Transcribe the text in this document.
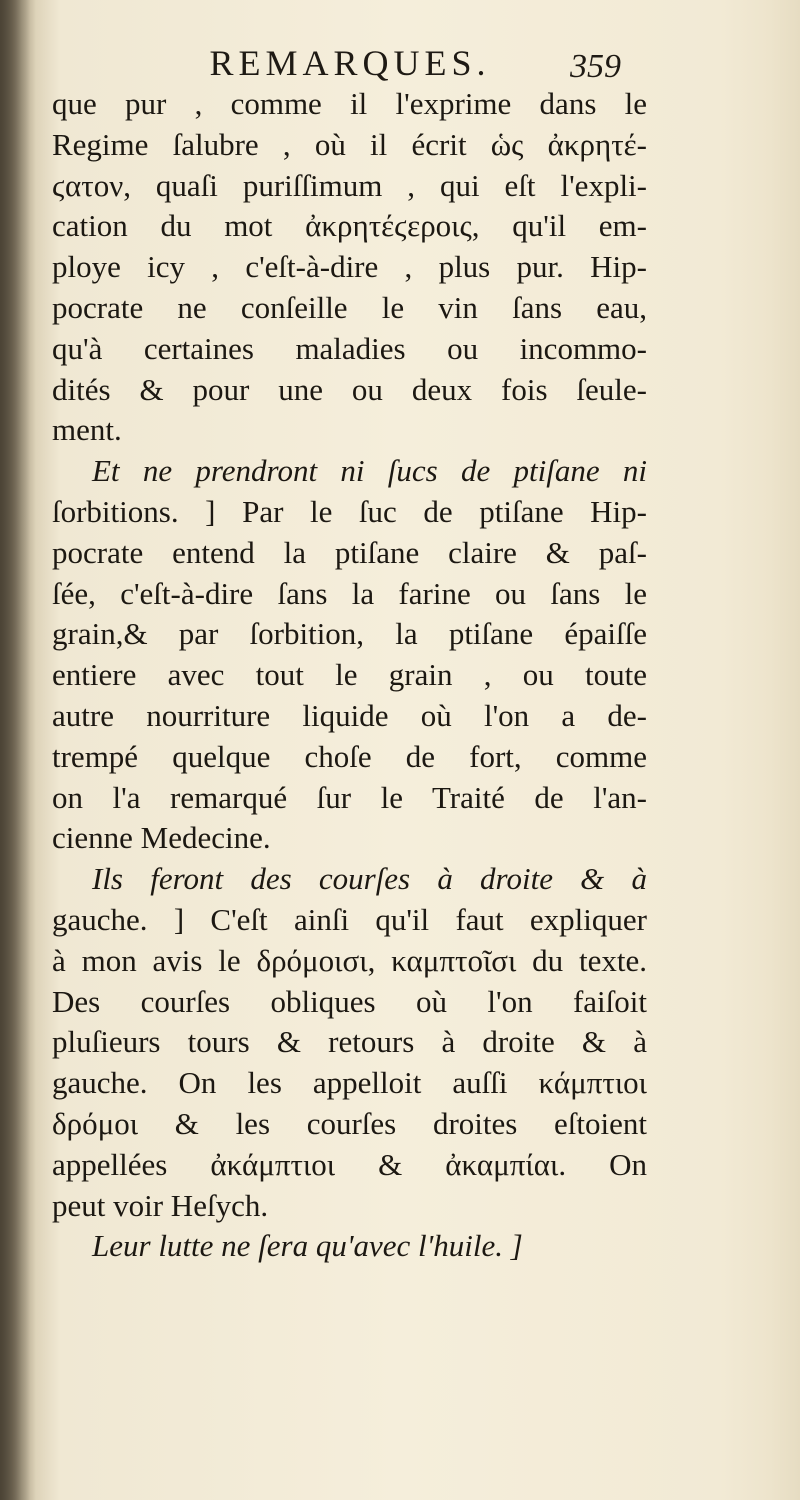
REMARQUES. 359
que pur , comme il l'exprime dans le
Regime ſalubre , où il écrit ὡς ἀκρητέ-
ϛατον, quaſi puriſſimum , qui eſt l'expli-
cation du mot ἀκρητέϛεροις, qu'il em-
ploye icy , c'eſt-à-dire , plus pur. Hip-
pocrate ne conſeille le vin ſans eau,
qu'à certaines maladies ou incommo-
dités & pour une ou deux fois ſeule-
ment.
Et ne prendront ni ſucs de ptiſane ni
ſorbitions. ] Par le ſuc de ptiſane Hip-
pocrate entend la ptiſane claire & paſ-
ſée, c'eſt-à-dire ſans la farine ou ſans le
grain,& par ſorbition, la ptiſane épaiſſe
entiere avec tout le grain , ou toute
autre nourriture liquide où l'on a de-
trempé quelque choſe de fort, comme
on l'a remarqué ſur le Traité de l'an-
cienne Medecine.
Ils feront des courſes à droite & à
gauche. ] C'eſt ainſi qu'il faut expliquer
à mon avis le δρόμοισι, καμπτοῖσι du texte.
Des courſes obliques où l'on faiſoit
pluſieurs tours & retours à droite & à
gauche. On les appelloit auſſi κάμπτιοι
δρόμοι & les courſes droites eſtoient
appellées ἀκάμπτιοι & ἀκαμπίαι. On
peut voir Heſych.
Leur lutte ne ſera qu'avec l'huile. ]
